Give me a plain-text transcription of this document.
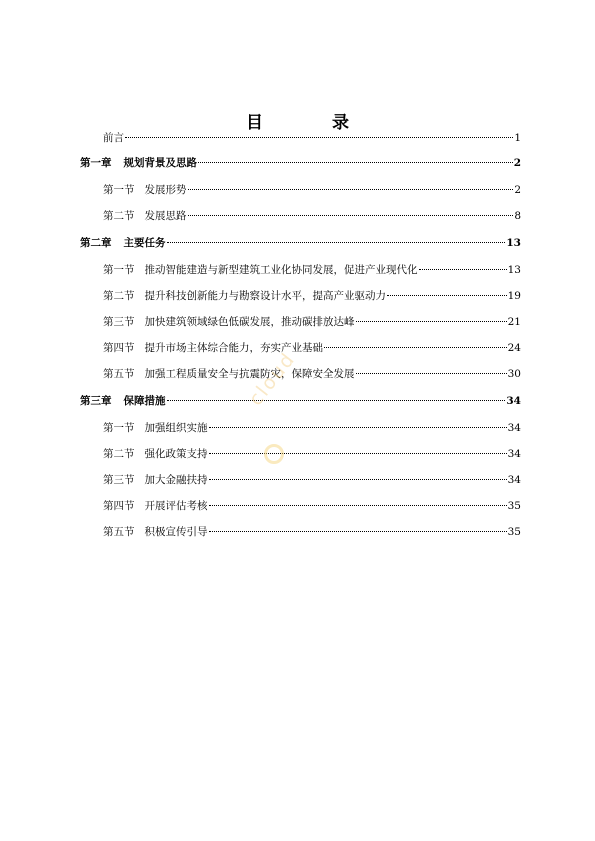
目　录
前言	1
第一章 规划背景及思路	2
第一节 发展形势	2
第二节 发展思路	8
第二章 主要任务	13
第一节 推动智能建造与新型建筑工业化协同发展，促进产业现代化	13
第二节 提升科技创新能力与勘察设计水平，提高产业驱动力	19
第三节 加快建筑领域绿色低碳发展，推动碳排放达峰	21
第四节 提升市场主体综合能力，夯实产业基础	24
第五节 加强工程质量安全与抗震防灾，保障安全发展	30
第三章 保障措施	34
第一节 加强组织实施	34
第二节 强化政策支持	34
第三节 加大金融扶持	34
第四节 开展评估考核	35
第五节 积极宣传引导	35
cloud
